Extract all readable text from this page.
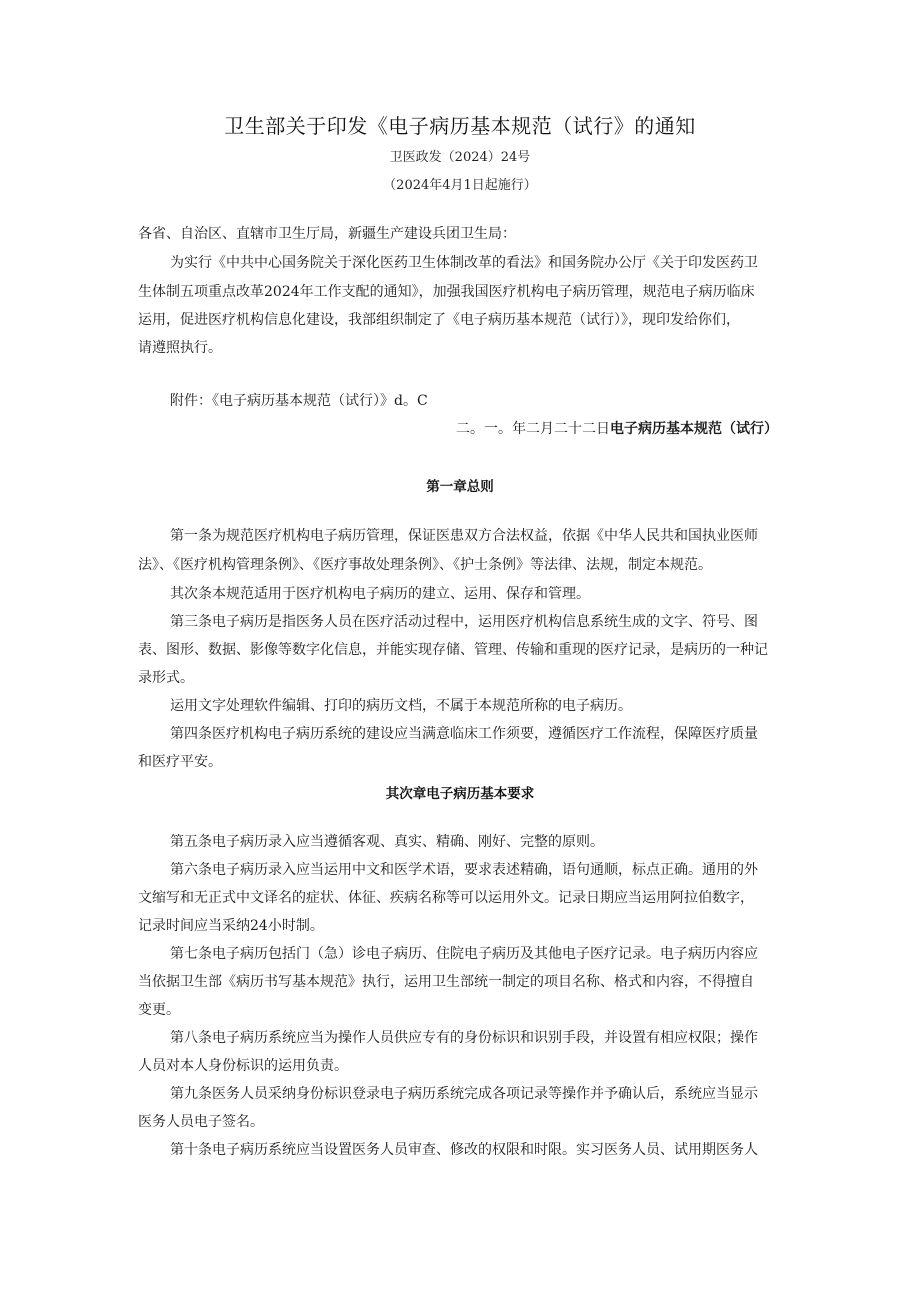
卫生部关于印发《电子病历基本规范（试行》的通知
卫医政发（2024）24号
（2024年4月1日起施行）
各省、自治区、直辖市卫生厅局，新疆生产建设兵团卫生局：
为实行《中共中心国务院关于深化医药卫生体制改革的看法》和国务院办公厅《关于印发医药卫
生体制五项重点改革2024年工作支配的通知》，加强我国医疗机构电子病历管理，规范电子病历临床
运用，促进医疗机构信息化建设，我部组织制定了《电子病历基本规范（试行）》，现印发给你们，
请遵照执行。
附件：《电子病历基本规范（试行）》d。C
二。一。年二月二十二日电子病历基本规范（试行）
第一章总则
第一条为规范医疗机构电子病历管理，保证医患双方合法权益，依据《中华人民共和国执业医师
法》、《医疗机构管理条例》、《医疗事故处理条例》、《护士条例》等法律、法规，制定本规范。
其次条本规范适用于医疗机构电子病历的建立、运用、保存和管理。
第三条电子病历是指医务人员在医疗活动过程中，运用医疗机构信息系统生成的文字、符号、图
表、图形、数据、影像等数字化信息，并能实现存储、管理、传输和重现的医疗记录，是病历的一种记
录形式。
运用文字处理软件编辑、打印的病历文档，不属于本规范所称的电子病历。
第四条医疗机构电子病历系统的建设应当满意临床工作须要，遵循医疗工作流程，保障医疗质量
和医疗平安。
其次章电子病历基本要求
第五条电子病历录入应当遵循客观、真实、精确、刚好、完整的原则。
第六条电子病历录入应当运用中文和医学术语，要求表述精确，语句通顺，标点正确。通用的外
文缩写和无正式中文译名的症状、体征、疾病名称等可以运用外文。记录日期应当运用阿拉伯数字，
记录时间应当采纳24小时制。
第七条电子病历包括门（急）诊电子病历、住院电子病历及其他电子医疗记录。电子病历内容应
当依据卫生部《病历书写基本规范》执行，运用卫生部统一制定的项目名称、格式和内容，不得擅自
变更。
第八条电子病历系统应当为操作人员供应专有的身份标识和识别手段，并设置有相应权限；操作
人员对本人身份标识的运用负责。
第九条医务人员采纳身份标识登录电子病历系统完成各项记录等操作并予确认后，系统应当显示
医务人员电子签名。
第十条电子病历系统应当设置医务人员审查、修改的权限和时限。实习医务人员、试用期医务人
